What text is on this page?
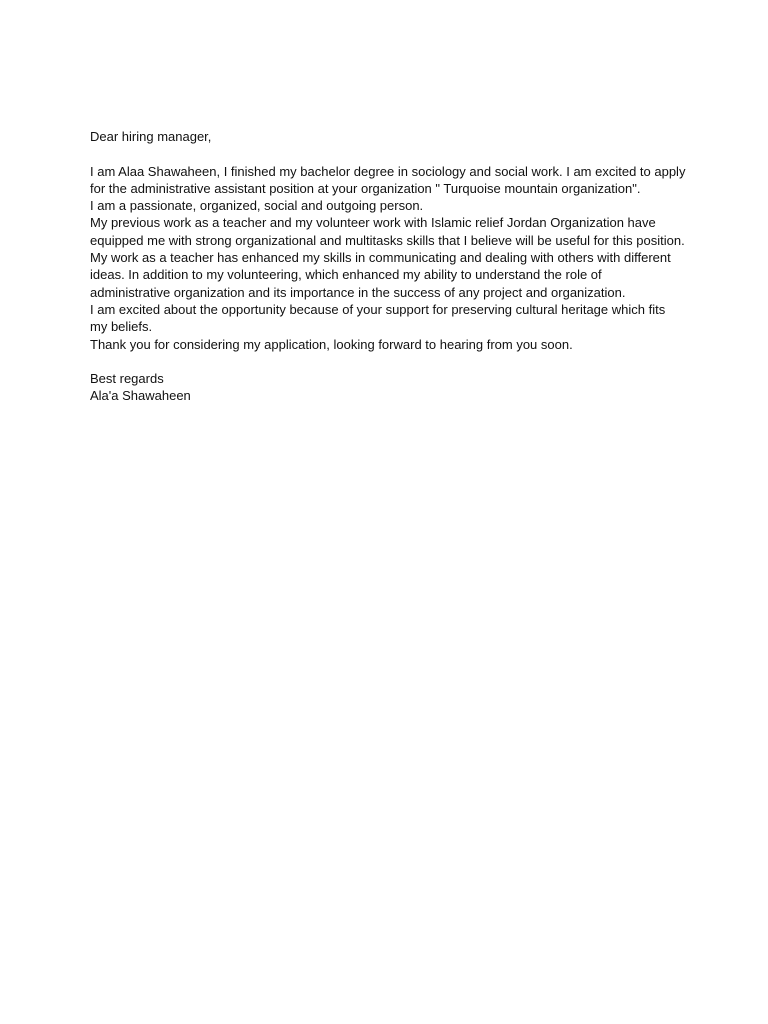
Dear hiring manager,
I am Alaa Shawaheen, I finished my bachelor degree in sociology and social work. I am excited to apply
for the administrative assistant position at your organization " Turquoise mountain organization".
I am a passionate, organized, social and outgoing person.
My previous work as a teacher and my volunteer work with Islamic relief Jordan Organization have
equipped me with strong organizational and multitasks skills that I believe will be useful for this position.
My work as a teacher has enhanced my skills in communicating and dealing with others with different
ideas. In addition to my volunteering, which enhanced my ability to understand the role of
administrative organization and its importance in the success of any project and organization.
I am excited about the opportunity because of your support for preserving cultural heritage which fits
my beliefs.
Thank you for considering my application, looking forward to hearing from you soon.
Best regards
Ala'a Shawaheen
